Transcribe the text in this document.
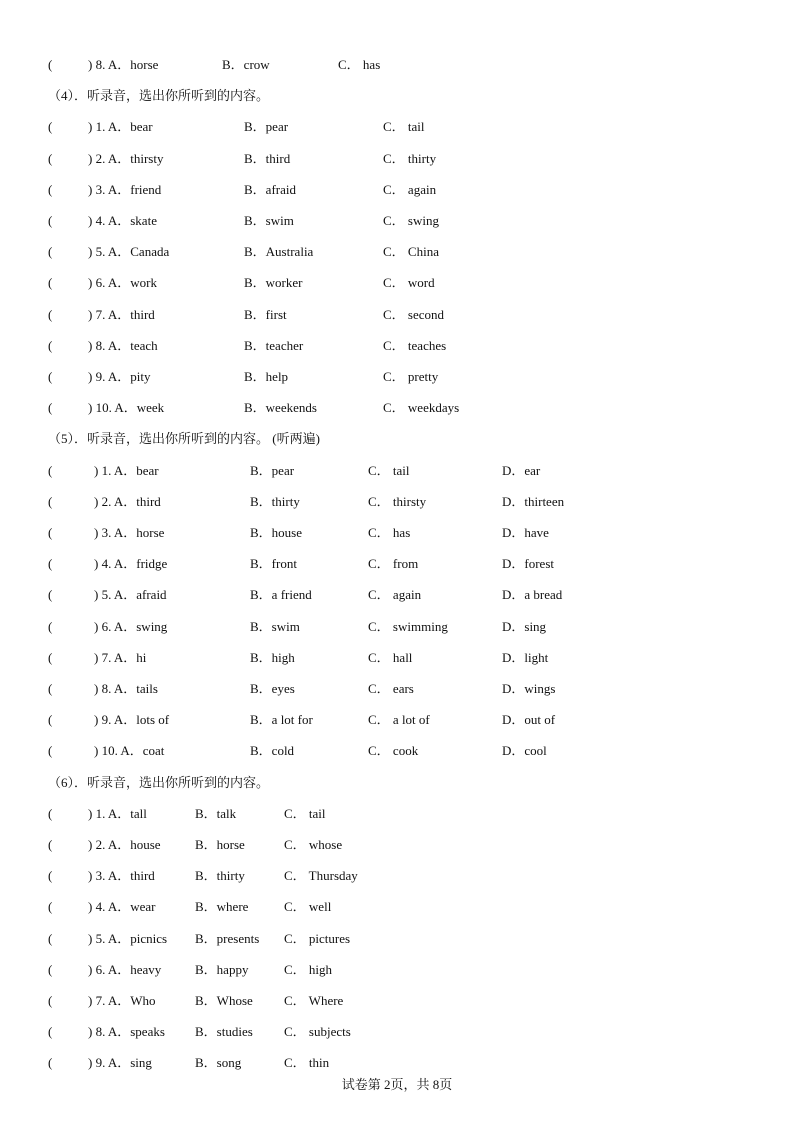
(	) 8. A．horse	B．crow	C． has
（4）．听录音，选出你所听到的内容。
(	) 1. A．bear	B．pear	C． tail
(	) 2. A．thirsty	B．third	C． thirty
(	) 3. A．friend	B．afraid	C． again
(	) 4. A．skate	B．swim	C． swing
(	) 5. A．Canada	B．Australia	C． China
(	) 6. A．work	B．worker	C． word
(	) 7. A．third	B．first	C． second
(	) 8. A．teach	B．teacher	C． teaches
(	) 9. A．pity	B．help	C． pretty
(	) 10. A．week	B．weekends	C． weekdays
（5）．听录音，选出你所听到的内容。 (听两遍)
(	) 1. A．bear	B．pear	C． tail	D．ear
(	) 2. A．third	B．thirty	C． thirsty	D．thirteen
(	) 3. A．horse	B．house	C． has	D．have
(	) 4. A．fridge	B．front	C． from	D．forest
(	) 5. A．afraid	B．a friend	C． again	D．a bread
(	) 6. A．swing	B．swim	C． swimming	D．sing
(	) 7. A．hi	B．high	C． hall	D．light
(	) 8. A．tails	B．eyes	C． ears	D．wings
(	) 9. A．lots of	B．a lot for	C． a lot of	D．out of
(	) 10. A．coat	B．cold	C． cook	D．cool
（6）．听录音，选出你所听到的内容。
(	) 1. A．tall	B．talk	C． tail
(	) 2. A．house	B．horse	C． whose
(	) 3. A．third	B．thirty	C． Thursday
(	) 4. A．wear	B．where	C． well
(	) 5. A．picnics B．presents C． pictures
(	) 6. A．heavy	B．happy	C． high
(	) 7. A．Who	B．Whose C． Where
(	) 8. A．speaks B．studies C． subjects
(	) 9. A．sing	B．song	C． thin
试卷第 2页，共 8页
